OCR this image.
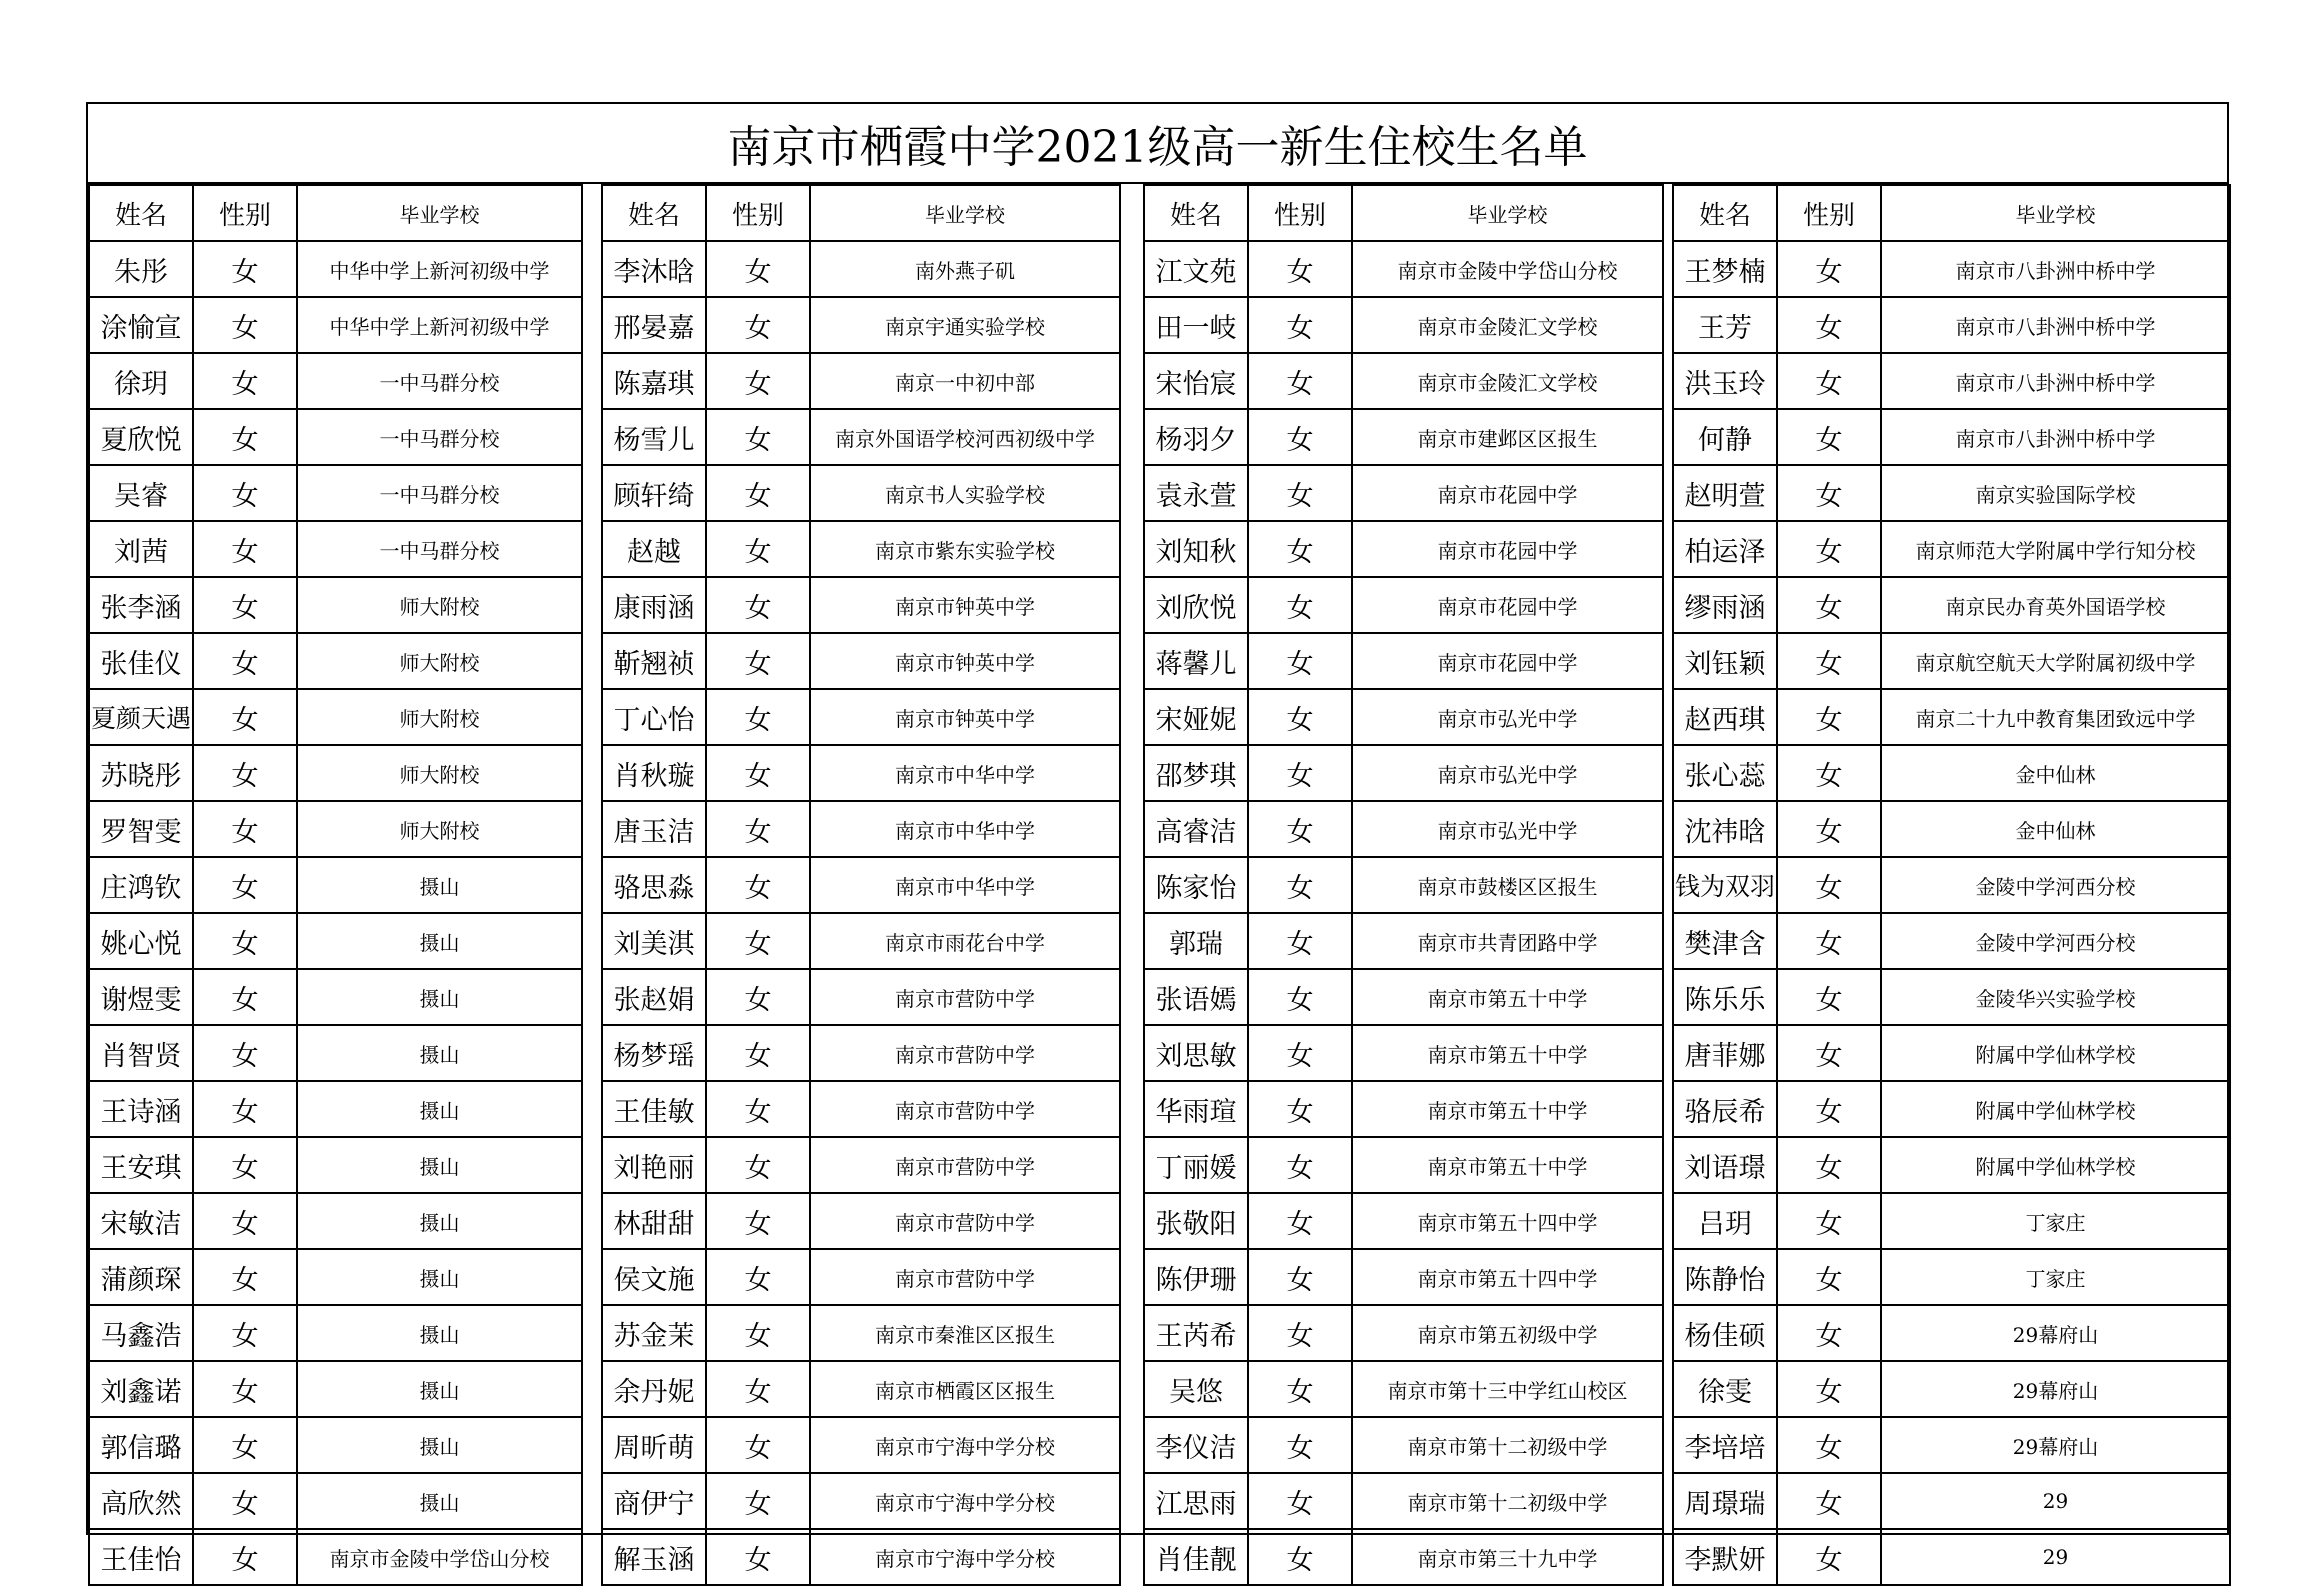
南京市栖霞中学2021级高一新生住校生名单
姓名	性别	毕业学校
朱彤	女	中华中学上新河初级中学
涂愉宣	女	中华中学上新河初级中学
徐玥	女	一中马群分校
夏欣悦	女	一中马群分校
吴睿	女	一中马群分校
刘茜	女	一中马群分校
张李涵	女	师大附校
张佳仪	女	师大附校
夏颜天遇	女	师大附校
苏晓彤	女	师大附校
罗智雯	女	师大附校
庄鸿钦	女	摄山
姚心悦	女	摄山
谢煜雯	女	摄山
肖智贤	女	摄山
王诗涵	女	摄山
王安琪	女	摄山
宋敏洁	女	摄山
蒲颜琛	女	摄山
马鑫浩	女	摄山
刘鑫诺	女	摄山
郭信璐	女	摄山
高欣然	女	摄山
王佳怡	女	南京市金陵中学岱山分校
姓名	性别	毕业学校
李沐晗	女	南外燕子矶
邢晏嘉	女	南京宇通实验学校
陈嘉琪	女	南京一中初中部
杨雪儿	女	南京外国语学校河西初级中学
顾轩绮	女	南京书人实验学校
赵越	女	南京市紫东实验学校
康雨涵	女	南京市钟英中学
靳翘祯	女	南京市钟英中学
丁心怡	女	南京市钟英中学
肖秋璇	女	南京市中华中学
唐玉洁	女	南京市中华中学
骆思淼	女	南京市中华中学
刘美淇	女	南京市雨花台中学
张赵娟	女	南京市营防中学
杨梦瑶	女	南京市营防中学
王佳敏	女	南京市营防中学
刘艳丽	女	南京市营防中学
林甜甜	女	南京市营防中学
侯文施	女	南京市营防中学
苏金茉	女	南京市秦淮区区报生
余丹妮	女	南京市栖霞区区报生
周昕萌	女	南京市宁海中学分校
商伊宁	女	南京市宁海中学分校
解玉涵	女	南京市宁海中学分校
姓名	性别	毕业学校
江文苑	女	南京市金陵中学岱山分校
田一岐	女	南京市金陵汇文学校
宋怡宸	女	南京市金陵汇文学校
杨羽夕	女	南京市建邺区区报生
袁永萱	女	南京市花园中学
刘知秋	女	南京市花园中学
刘欣悦	女	南京市花园中学
蒋馨儿	女	南京市花园中学
宋娅妮	女	南京市弘光中学
邵梦琪	女	南京市弘光中学
高睿洁	女	南京市弘光中学
陈家怡	女	南京市鼓楼区区报生
郭瑞	女	南京市共青团路中学
张语嫣	女	南京市第五十中学
刘思敏	女	南京市第五十中学
华雨瑄	女	南京市第五十中学
丁丽媛	女	南京市第五十中学
张敬阳	女	南京市第五十四中学
陈伊珊	女	南京市第五十四中学
王芮希	女	南京市第五初级中学
吴悠	女	南京市第十三中学红山校区
李仪洁	女	南京市第十二初级中学
江思雨	女	南京市第十二初级中学
肖佳靓	女	南京市第三十九中学
姓名	性别	毕业学校
王梦楠	女	南京市八卦洲中桥中学
王芳	女	南京市八卦洲中桥中学
洪玉玲	女	南京市八卦洲中桥中学
何静	女	南京市八卦洲中桥中学
赵明萱	女	南京实验国际学校
柏运泽	女	南京师范大学附属中学行知分校
缪雨涵	女	南京民办育英外国语学校
刘钰颖	女	南京航空航天大学附属初级中学
赵西琪	女	南京二十九中教育集团致远中学
张心蕊	女	金中仙林
沈祎晗	女	金中仙林
钱为双羽	女	金陵中学河西分校
樊津含	女	金陵中学河西分校
陈乐乐	女	金陵华兴实验学校
唐菲娜	女	附属中学仙林学校
骆辰希	女	附属中学仙林学校
刘语璟	女	附属中学仙林学校
吕玥	女	丁家庄
陈静怡	女	丁家庄
杨佳硕	女	29幕府山
徐雯	女	29幕府山
李培培	女	29幕府山
周璟瑞	女	29
李默妍	女	29
